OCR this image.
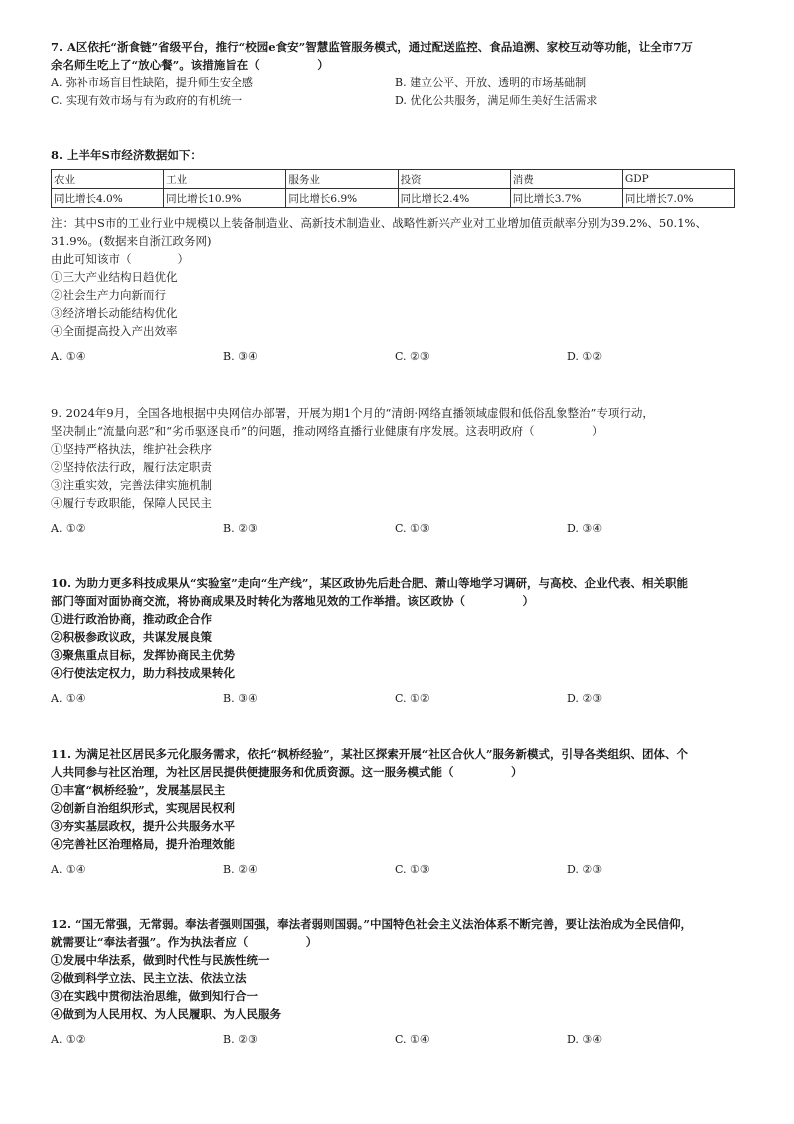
7. A区依托“浙食链”省级平台，推行“校园e食安”智慧监管服务模式，通过配送监控、食品追溯、家校互动等功能，让全市7万
余名师生吃上了“放心餐”。该措施旨在（　　　　　）
A. 弥补市场盲目性缺陷，提升师生安全感	B. 建立公平、开放、透明的市场基础制
C. 实现有效市场与有为政府的有机统一	D. 优化公共服务，满足师生美好生活需求
8. 上半年S市经济数据如下：
农业	工业	服务业	投资	消费	GDP
同比增长4.0%	同比增长10.9%	同比增长6.9%	同比增长2.4%	同比增长3.7%	同比增长7.0%
注：其中S市的工业行业中规模以上装备制造业、高新技术制造业、战略性新兴产业对工业增加值贡献率分别为39.2%、50.1%、
31.9%。(数据来自浙江政务网)
由此可知该市（　　　　）
①三大产业结构日趋优化
②社会生产力向新而行
③经济增长动能结构优化
④全面提高投入产出效率
A. ①④	B. ③④	C. ②③	D. ①②
9. 2024年9月，全国各地根据中央网信办部署，开展为期1个月的“清朗·网络直播领域虚假和低俗乱象整治”专项行动，
坚决制止“流量向恶”和“劣币驱逐良币”的问题，推动网络直播行业健康有序发展。这表明政府（　　　　　）
①坚持严格执法，维护社会秩序
②坚持依法行政，履行法定职责
③注重实效，完善法律实施机制
④履行专政职能，保障人民民主
A. ①②	B. ②③	C. ①③	D. ③④
10. 为助力更多科技成果从“实验室”走向“生产线”，某区政协先后赴合肥、萧山等地学习调研，与高校、企业代表、相关职能
部门等面对面协商交流，将协商成果及时转化为落地见效的工作举措。该区政协（　　　　　）
①进行政治协商，推动政企合作
②积极参政议政，共谋发展良策
③聚焦重点目标，发挥协商民主优势
④行使法定权力，助力科技成果转化
A. ①④	B. ③④	C. ①②	D. ②③
11. 为满足社区居民多元化服务需求，依托“枫桥经验”，某社区探索开展“社区合伙人”服务新模式，引导各类组织、团体、个
人共同参与社区治理，为社区居民提供便捷服务和优质资源。这一服务模式能（　　　　　）
①丰富“枫桥经验”，发展基层民主
②创新自治组织形式，实现居民权利
③夯实基层政权，提升公共服务水平
④完善社区治理格局，提升治理效能
A. ①④	B. ②④	C. ①③	D. ②③
12. “国无常强，无常弱。奉法者强则国强，奉法者弱则国弱。”中国特色社会主义法治体系不断完善，要让法治成为全民信仰，
就需要让“奉法者强”。作为执法者应（　　　　　）
①发展中华法系，做到时代性与民族性统一
②做到科学立法、民主立法、依法立法
③在实践中贯彻法治思维，做到知行合一
④做到为人民用权、为人民履职、为人民服务
A. ①②	B. ②③	C. ①④	D. ③④
